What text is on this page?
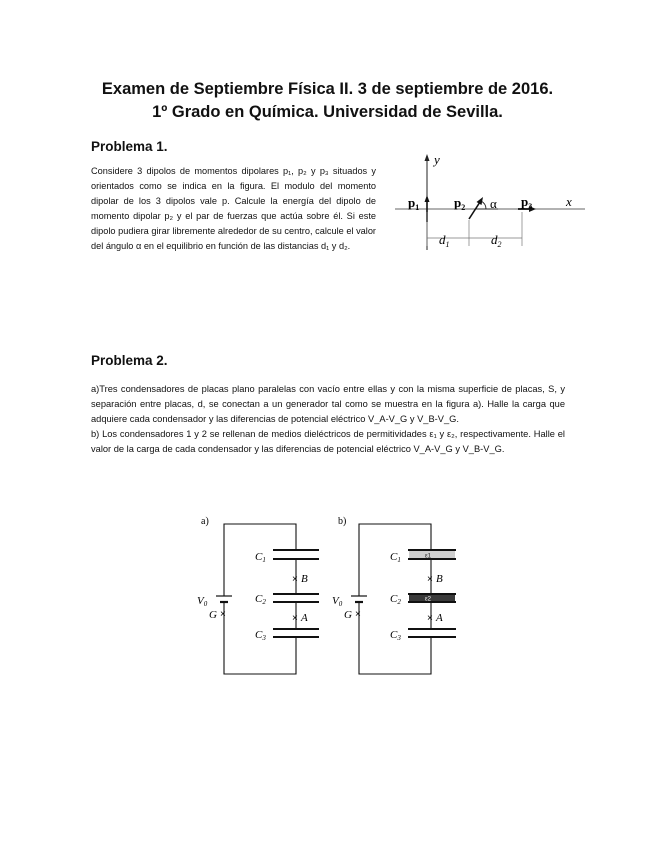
Examen de Septiembre Física II. 3 de septiembre de 2016.
1º Grado en Química. Universidad de Sevilla.
Problema 1.

Considere 3 dipolos de momentos dipolares p₁, p₂ y p₃ situados y orientados como se indica en la figura. El modulo del momento dipolar de los 3 dipolos vale p. Calcule la energía del dipolo de momento dipolar p₂ y el par de fuerzas que actúa sobre él. Si este dipolo pudiera girar libremente alrededor de su centro, calcule el valor del ángulo α en el equilibrio en función de las distancias d₁ y d₂.

y
x
$p_1$	$p_2$ α $p_3$
$d_1$	$d_2$
Problema 2.

a)Tres condensadores de placas plano paralelas con vacío entre ellas y con la misma superficie de placas, S, y separación entre placas, d, se conectan a un generador tal como se muestra en la figura a). Halle la carga que adquiere cada condensador y las diferencias de potencial eléctrico V_A-V_G y V_B-V_G.

b) Los condensadores 1 y 2 se rellenan de medios dieléctricos de permitividades ε₁ y ε₂, respectivamente. Halle el valor de la carga de cada condensador y las diferencias de potencial eléctrico V_A-V_G y V_B-V_G.

a)
V0
G ×
C1
C2
C3
× B
× A
b)
ε1
ε2
V0
G ×
C1
C2
C3
× B
× A
